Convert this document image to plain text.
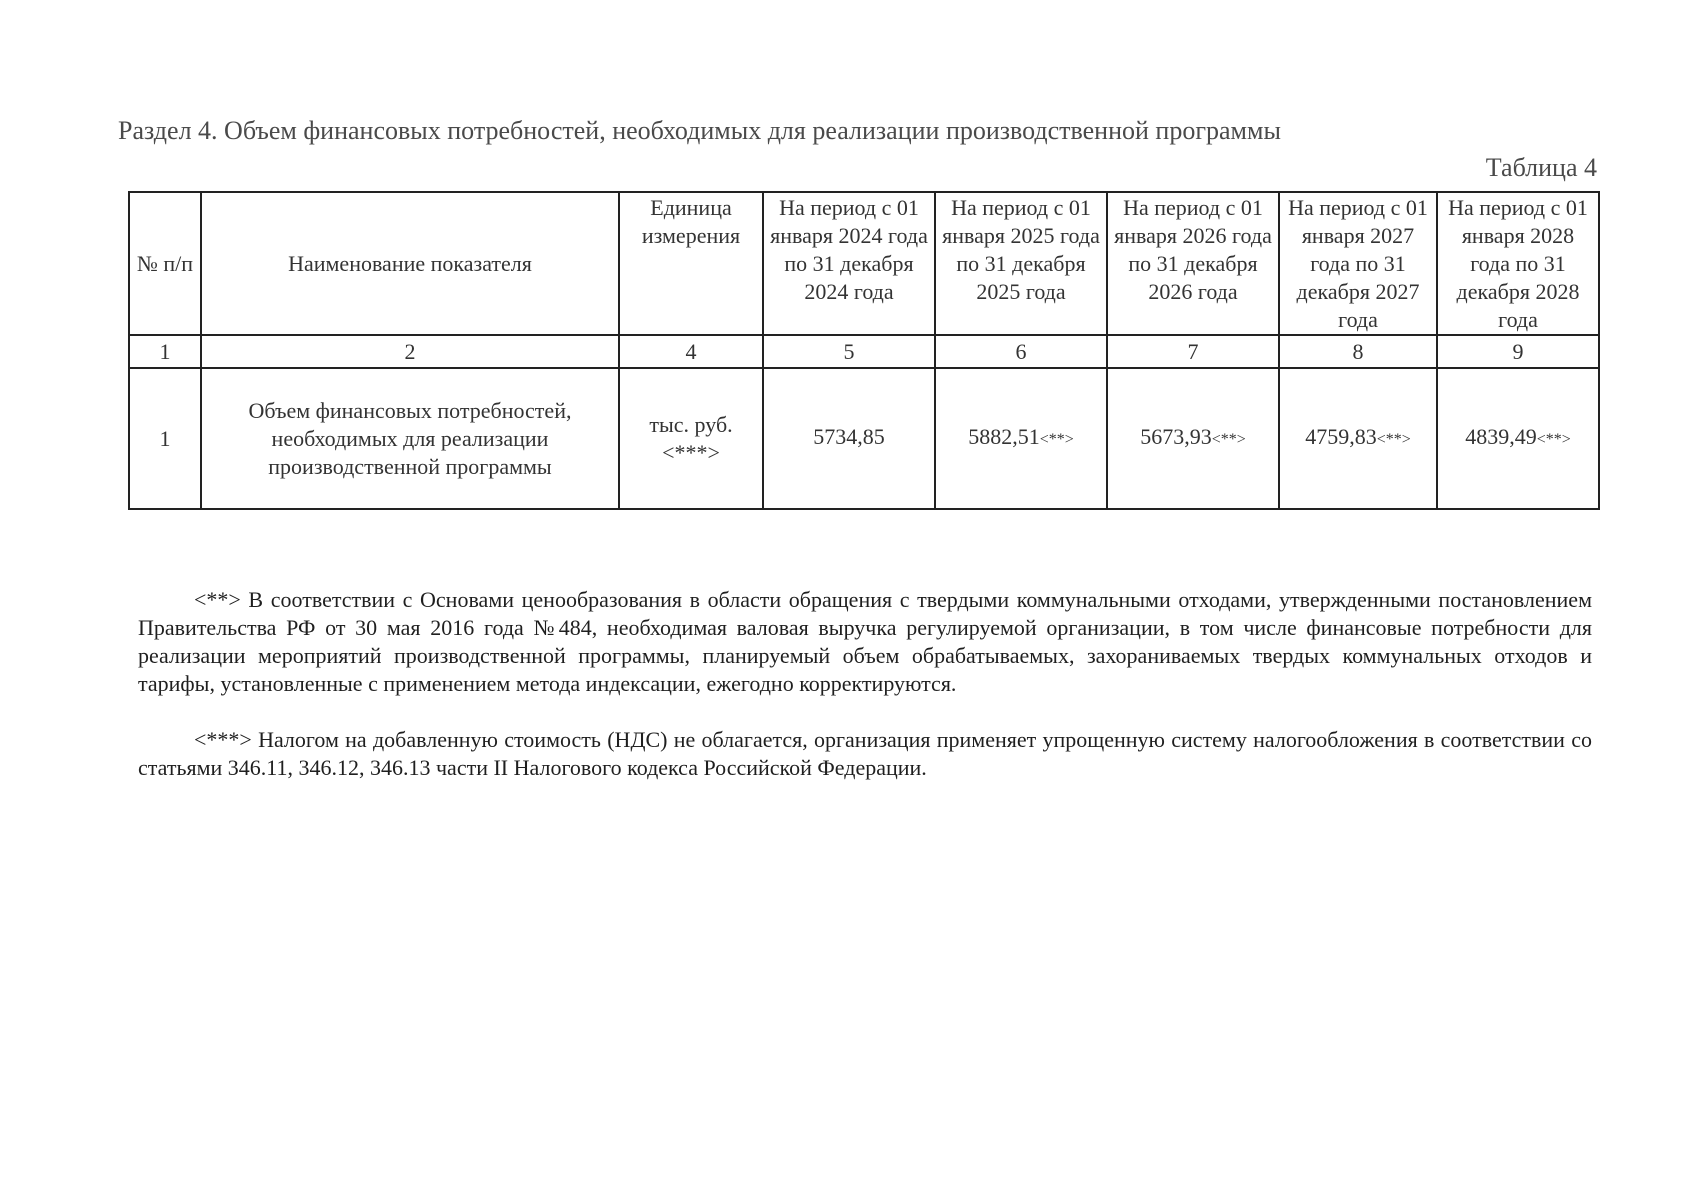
Раздел 4. Объем финансовых потребностей, необходимых для реализации производственной программы
Таблица 4
№ п/п	Наименование показателя	Единица измерения	На период с 01 января 2024 года по 31 декабря 2024 года	На период с 01 января 2025 года по 31 декабря 2025 года	На период с 01 января 2026 года по 31 декабря 2026 года	На период с 01 января 2027 года по 31 декабря 2027 года	На период с 01 января 2028 года по 31 декабря 2028 года
1	2	4	5	6	7	8	9
1	Объем финансовых потребностей, необходимых для реализации производственной программы	тыс. руб. <***>	5734,85	5882,51<**>	5673,93<**>	4759,83<**>	4839,49<**>

<**> В соответствии с Основами ценообразования в области обращения с твердыми коммунальными отходами, утвержденными постановлением Правительства РФ от 30 мая 2016 года №484, необходимая валовая выручка регулируемой организации, в том числе финансовые потребности для реализации мероприятий производственной программы, планируемый объем обрабатываемых, захораниваемых твердых коммунальных отходов и тарифы, установленные с применением метода индексации, ежегодно корректируются.

<***> Налогом на добавленную стоимость (НДС) не облагается, организация применяет упрощенную систему налогообложения в соответствии со статьями 346.11, 346.12, 346.13 части II Налогового кодекса Российской Федерации.
